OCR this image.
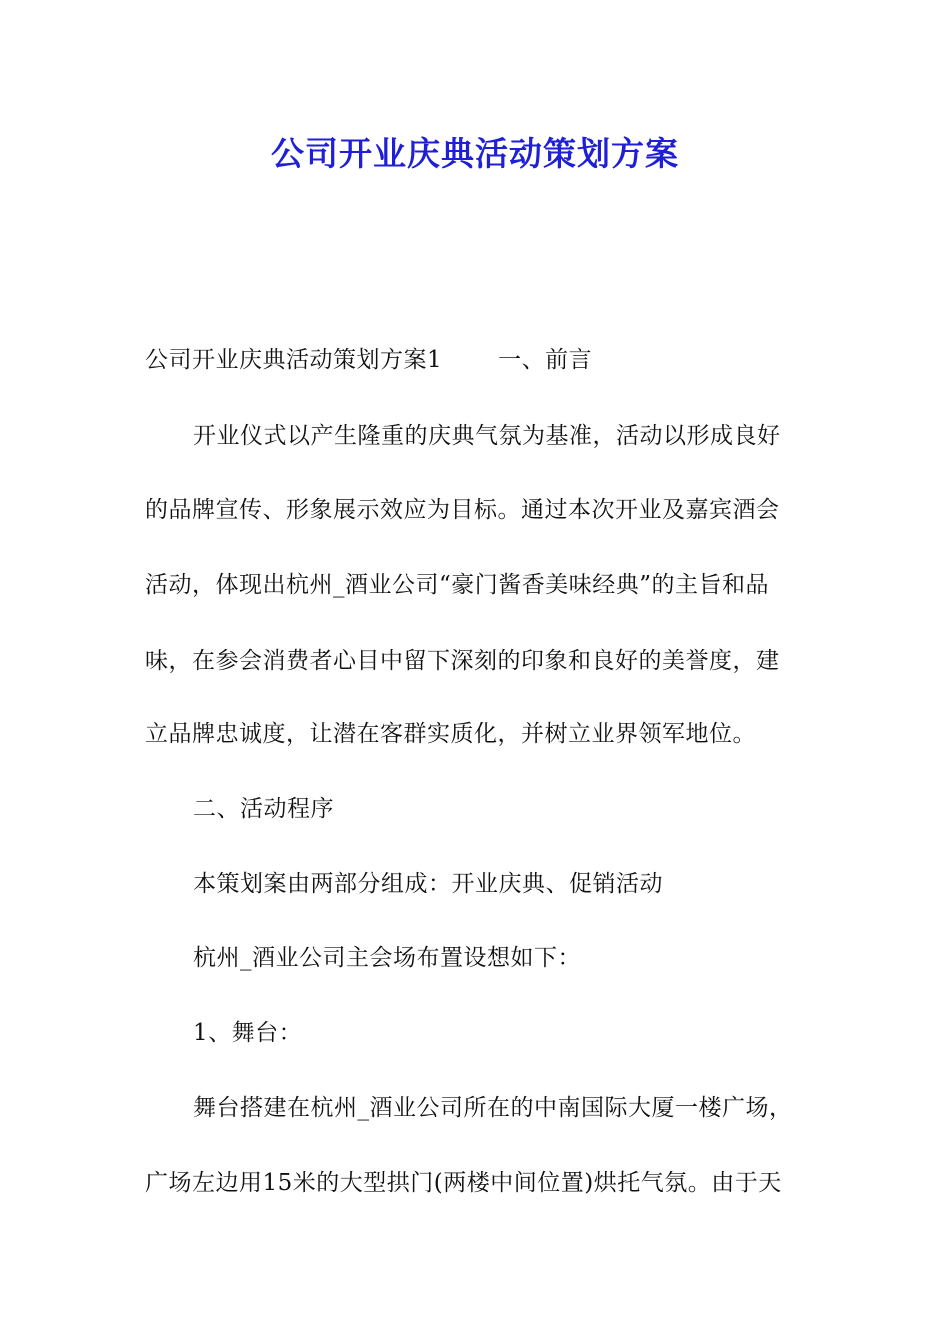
公司开业庆典活动策划方案
公司开业庆典活动策划方案1 一、前言
开业仪式以产生隆重的庆典气氛为基准，活动以形成良好
的品牌宣传、形象展示效应为目标。通过本次开业及嘉宾酒会
活动，体现出杭州_酒业公司“豪门酱香美味经典”的主旨和品
味，在参会消费者心目中留下深刻的印象和良好的美誉度，建
立品牌忠诚度，让潜在客群实质化，并树立业界领军地位。
二、活动程序
本策划案由两部分组成：开业庆典、促销活动
杭州_酒业公司主会场布置设想如下：
1、舞台：
舞台搭建在杭州_酒业公司所在的中南国际大厦一楼广场，
广场左边用15米的大型拱门(两楼中间位置)烘托气氛。由于天
